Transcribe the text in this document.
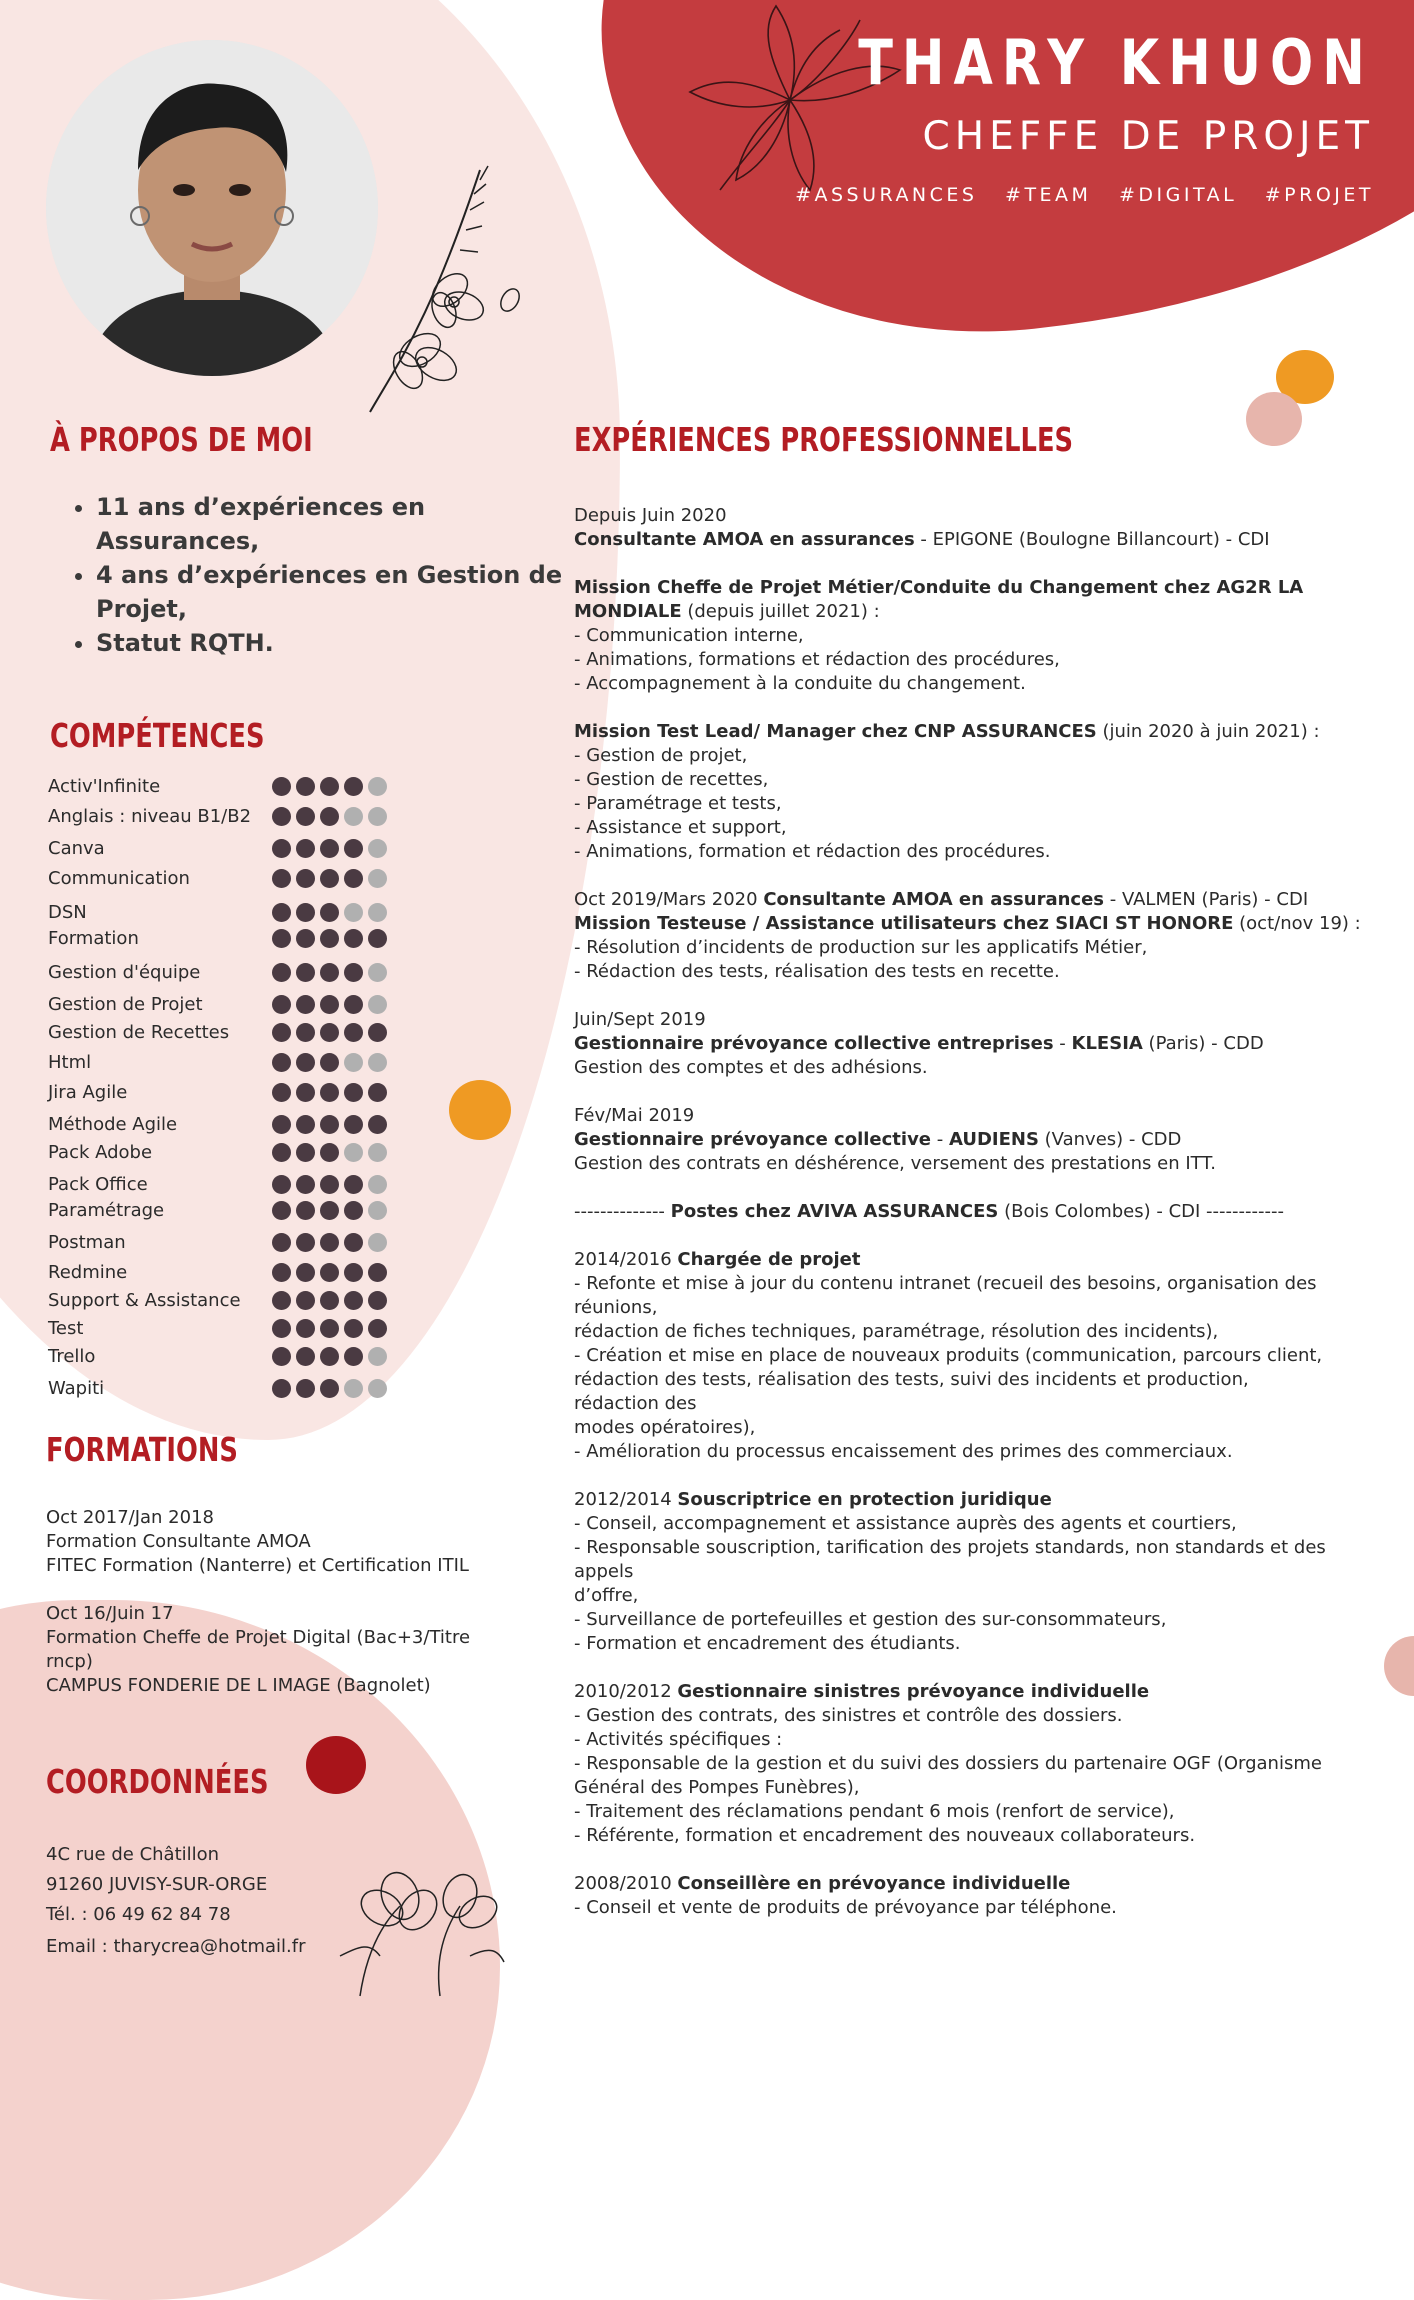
THARY KHUON
CHEFFE DE PROJET
#ASSURANCES #TEAM #DIGITAL #PROJET
À PROPOS DE MOI
• 11 ans d’expériences en Assurances,
• 4 ans d’expériences en Gestion de Projet,
• Statut RQTH.
COMPÉTENCES
Activ'Infinite
Anglais : niveau B1/B2
Canva
Communication
DSN
Formation
Gestion d'équipe
Gestion de Projet
Gestion de Recettes
Html
Jira Agile
Méthode Agile
Pack Adobe
Pack Office
Paramétrage
Postman
Redmine
Support & Assistance
Test
Trello
Wapiti
FORMATIONS
Oct 2017/Jan 2018
Formation Consultante AMOA
FITEC Formation (Nanterre) et Certification ITIL
Oct 16/Juin 17
Formation Cheffe de Projet Digital (Bac+3/Titre
rncp)
CAMPUS FONDERIE DE L IMAGE (Bagnolet)
COORDONNÉES
4C rue de Châtillon
91260 JUVISY-SUR-ORGE
Tél. : 06 49 62 84 78
Email : tharycrea@hotmail.fr
EXPÉRIENCES PROFESSIONNELLES
Depuis Juin 2020
Consultante AMOA en assurances - EPIGONE (Boulogne Billancourt) - CDI
Mission Cheffe de Projet Métier/Conduite du Changement chez AG2R LA
MONDIALE (depuis juillet 2021) :
- Communication interne,
- Animations, formations et rédaction des procédures,
- Accompagnement à la conduite du changement.
Mission Test Lead/ Manager chez CNP ASSURANCES (juin 2020 à juin 2021) :
- Gestion de projet,
- Gestion de recettes,
- Paramétrage et tests,
- Assistance et support,
- Animations, formation et rédaction des procédures.
Oct 2019/Mars 2020 Consultante AMOA en assurances - VALMEN (Paris) - CDI
Mission Testeuse / Assistance utilisateurs chez SIACI ST HONORE (oct/nov 19) :
- Résolution d’incidents de production sur les applicatifs Métier,
- Rédaction des tests, réalisation des tests en recette.
Juin/Sept 2019
Gestionnaire prévoyance collective entreprises - KLESIA (Paris) - CDD
Gestion des comptes et des adhésions.
Fév/Mai 2019
Gestionnaire prévoyance collective - AUDIENS (Vanves) - CDD
Gestion des contrats en déshérence, versement des prestations en ITT.
-------------- Postes chez AVIVA ASSURANCES (Bois Colombes) - CDI ------------
2014/2016 Chargée de projet
- Refonte et mise à jour du contenu intranet (recueil des besoins, organisation des
réunions,
rédaction de fiches techniques, paramétrage, résolution des incidents),
- Création et mise en place de nouveaux produits (communication, parcours client,
rédaction des tests, réalisation des tests, suivi des incidents et production,
rédaction des
modes opératoires),
- Amélioration du processus encaissement des primes des commerciaux.
2012/2014 Souscriptrice en protection juridique
- Conseil, accompagnement et assistance auprès des agents et courtiers,
- Responsable souscription, tarification des projets standards, non standards et des
appels
d’offre,
- Surveillance de portefeuilles et gestion des sur-consommateurs,
- Formation et encadrement des étudiants.
2010/2012 Gestionnaire sinistres prévoyance individuelle
- Gestion des contrats, des sinistres et contrôle des dossiers.
- Activités spécifiques :
- Responsable de la gestion et du suivi des dossiers du partenaire OGF (Organisme
Général des Pompes Funèbres),
- Traitement des réclamations pendant 6 mois (renfort de service),
- Référente, formation et encadrement des nouveaux collaborateurs.
2008/2010 Conseillère en prévoyance individuelle
- Conseil et vente de produits de prévoyance par téléphone.
